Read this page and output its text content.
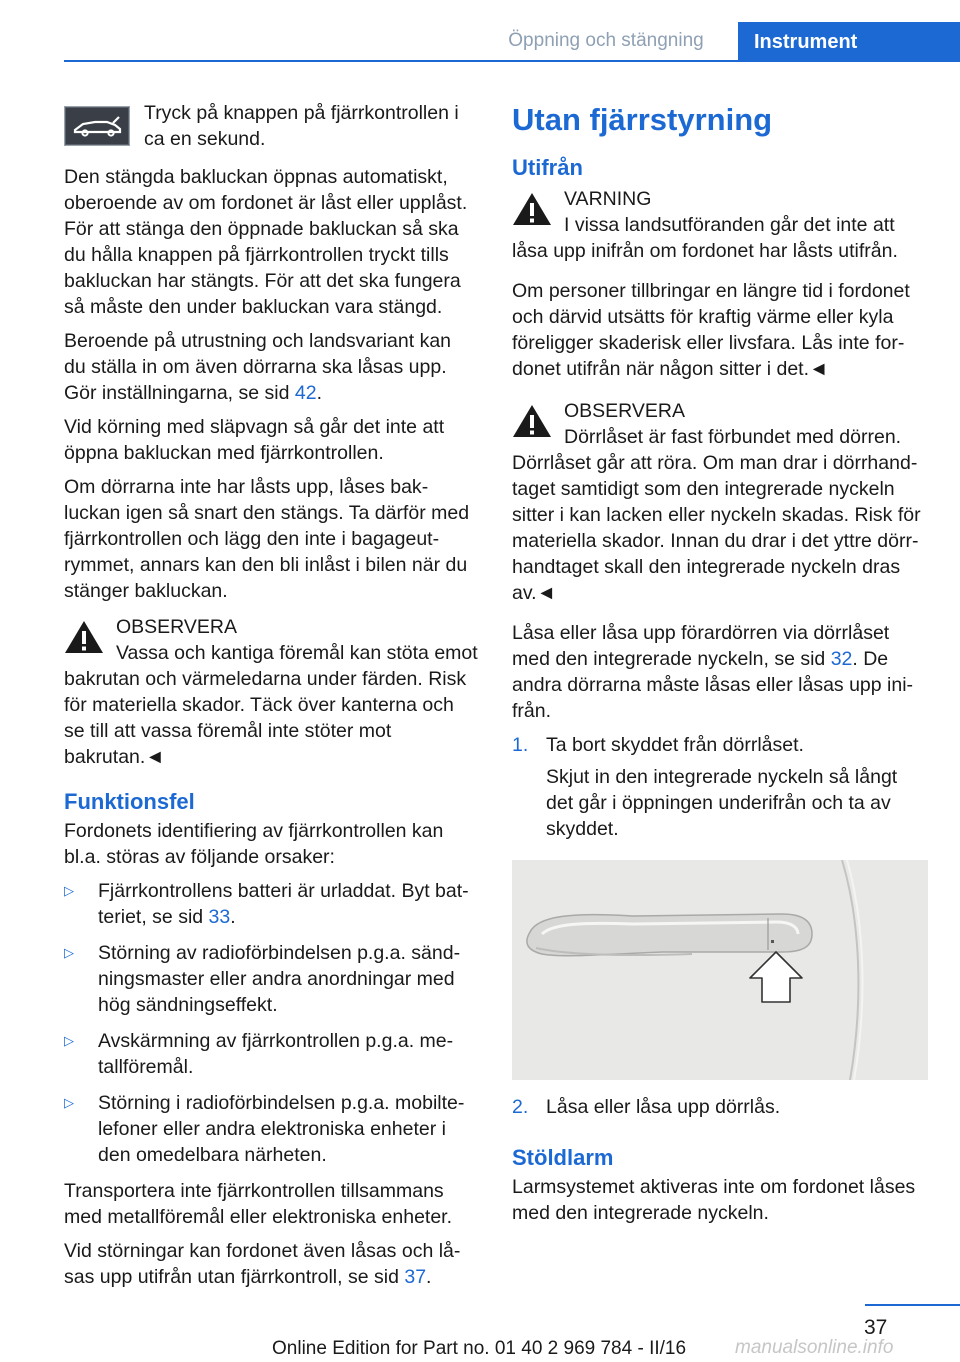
Öppning och stängning	Instrument
Tryck på knappen på fjärrkontrollen i ca en sekund.

Den stängda bakluckan öppnas automatiskt, oberoende av om fordonet är låst eller upplåst. För att stänga den öppnade bakluckan så ska du hålla knappen på fjärrkontrollen tryckt tills bakluckan har stängts. För att det ska fungera så måste den under bakluckan vara stängd.

Beroende på utrustning och landsvariant kan du ställa in om även dörrarna ska låsas upp. Gör inställningarna, se sid 42.

Vid körning med släpvagn så går det inte att öppna bakluckan med fjärrkontrollen.

Om dörrarna inte har låsts upp, låses bakluckan igen så snart den stängs. Ta därför med fjärrkontrollen och lägg den inte i bagageutrymmet, annars kan den bli inlåst i bilen när du stänger bakluckan.

OBSERVERA
Vassa och kantiga föremål kan stöta emot bakrutan och värmeledarna under färden. Risk för materiella skador. Täck över kanterna och se till att vassa föremål inte stöter mot bakrutan.◄
Funktionsfel

Fordonets identifiering av fjärrkontrollen kan bl.a. störas av följande orsaker:

▷ Fjärrkontrollens batteri är urladdat. Byt batteriet, se sid 33.
▷ Störning av radioförbindelsen p.g.a. sändningsmaster eller andra anordningar med hög sändningseffekt.
▷ Avskärmning av fjärrkontrollen p.g.a. metallföremål.
▷ Störning i radioförbindelsen p.g.a. mobiltelefoner eller andra elektroniska enheter i den omedelbara närheten.

Transportera inte fjärrkontrollen tillsammans med metallföremål eller elektroniska enheter.

Vid störningar kan fordonet även låsas och låsas upp utifrån utan fjärrkontroll, se sid 37.

Utan fjärrstyrning
Utifrån
VARNING
I vissa landsutföranden går det inte att låsa upp inifrån om fordonet har låsts utifrån.

Om personer tillbringar en längre tid i fordonet och därvid utsätts för kraftig värme eller kyla föreligger skaderisk eller livsfara. Lås inte fordonet utifrån när någon sitter i det.◄

OBSERVERA
Dörrlåset är fast förbundet med dörren. Dörrlåset går att röra. Om man drar i dörrhandtaget samtidigt som den integrerade nyckeln sitter i kan lacken eller nyckeln skadas. Risk för materiella skador. Innan du drar i det yttre dörrhandtaget skall den integrerade nyckeln dras av.◄

Låsa eller låsa upp förardörren via dörrlåset med den integrerade nyckeln, se sid 32. De andra dörrarna måste låsas eller låsas upp inifrån.

1. Ta bort skyddet från dörrlåset.
Skjut in den integrerade nyckeln så långt det går i öppningen underifrån och ta av skyddet.
2. Låsa eller låsa upp dörrlås.
Stöldlarm

Larmsystemet aktiveras inte om fordonet låses med den integrerade nyckeln.

37
Online Edition for Part no. 01 40 2 969 784 - II/16	manualsonline.info
